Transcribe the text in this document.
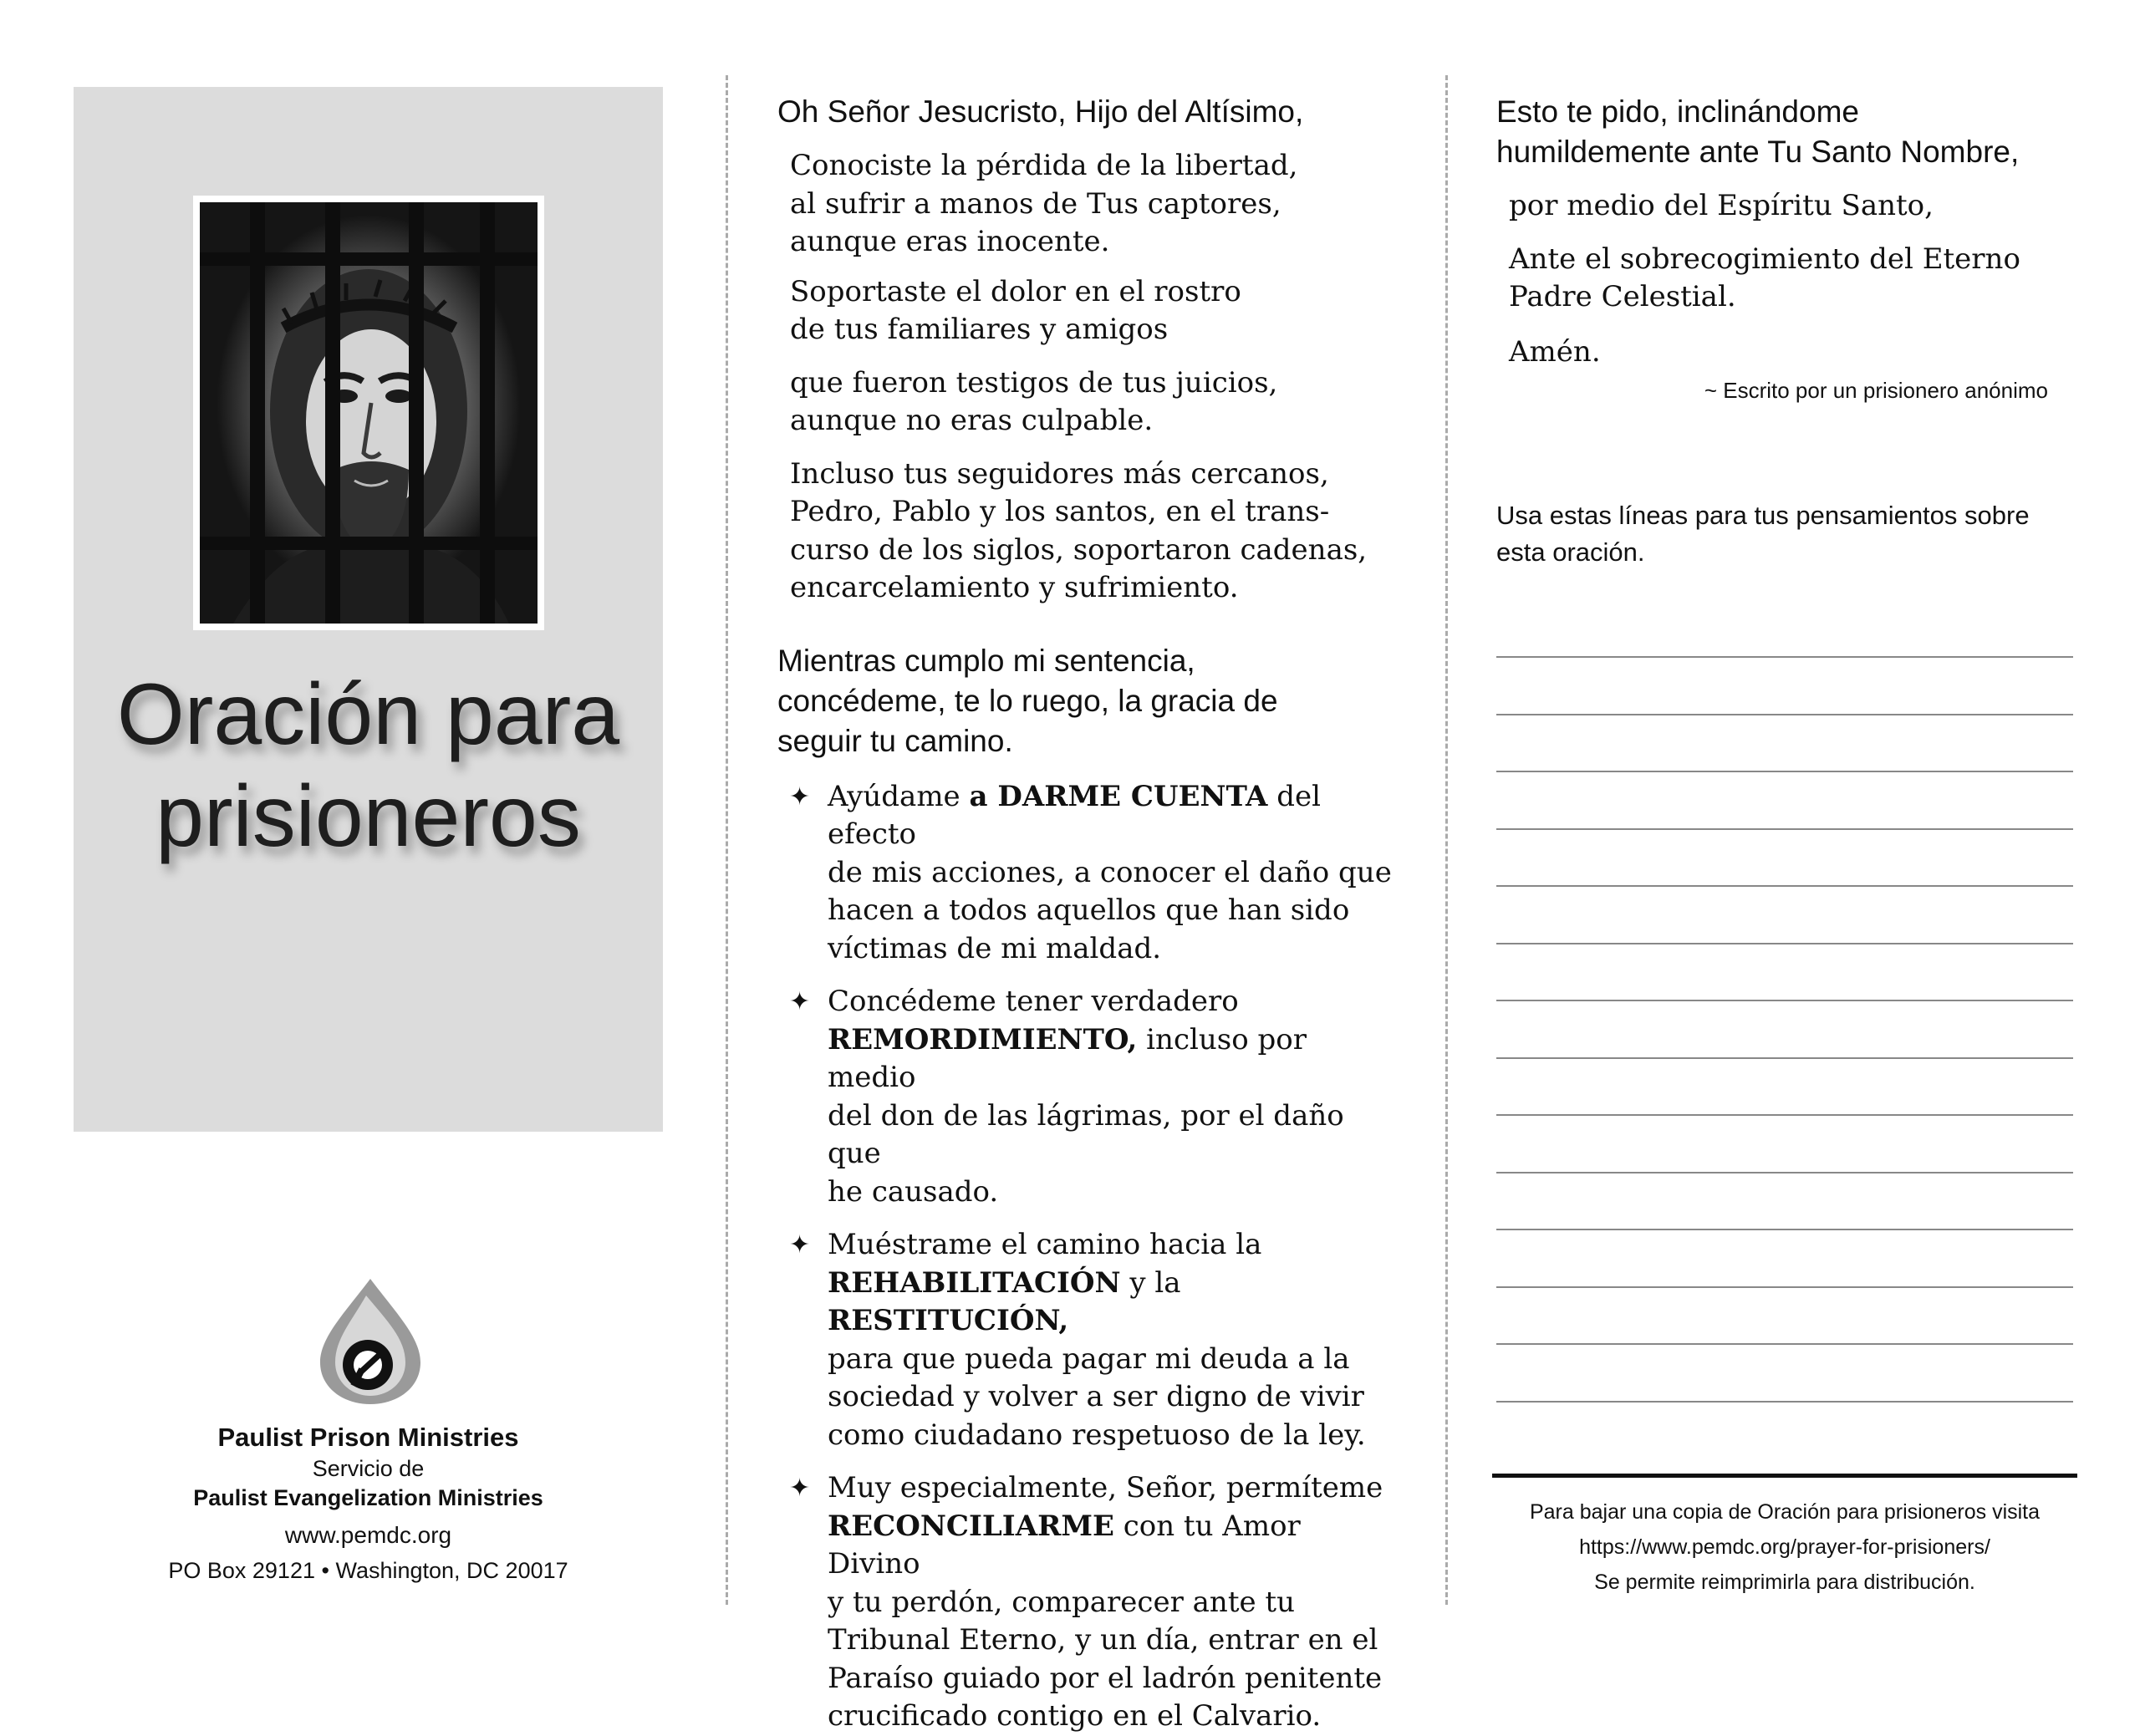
Oración para
prisioneros
Paulist Prison Ministries
Servicio de
Paulist Evangelization Ministries
www.pemdc.org
PO Box 29121 • Washington, DC 20017

Oh Señor Jesucristo, Hijo del Altísimo,

Conociste la pérdida de la libertad,
al sufrir a manos de Tus captores,
aunque eras inocente.

Soportaste el dolor en el rostro
de tus familiares y amigos

que fueron testigos de tus juicios,
aunque no eras culpable.

Incluso tus seguidores más cercanos,
Pedro, Pablo y los santos, en el trans-
curso de los siglos, soportaron cadenas,
encarcelamiento y sufrimiento.

Mientras cumplo mi sentencia,
concédeme, te lo ruego, la gracia de
seguir tu camino.

✦ Ayúdame a DARME CUENTA del efecto
de mis acciones, a conocer el daño que
hacen a todos aquellos que han sido
víctimas de mi maldad.

✦ Concédeme tener verdadero
REMORDIMIENTO, incluso por medio
del don de las lágrimas, por el daño que
he causado.

✦ Muéstrame el camino hacia la
REHABILITACIÓN y la RESTITUCIÓN,
para que pueda pagar mi deuda a la
sociedad y volver a ser digno de vivir
como ciudadano respetuoso de la ley.

✦ Muy especialmente, Señor, permíteme
RECONCILIARME con tu Amor Divino
y tu perdón, comparecer ante tu
Tribunal Eterno, y un día, entrar en el
Paraíso guiado por el ladrón penitente
crucificado contigo en el Calvario.

Esto te pido, inclinándome
humildemente ante Tu Santo Nombre,

por medio del Espíritu Santo,

Ante el sobrecogimiento del Eterno
Padre Celestial.

Amén.

~ Escrito por un prisionero anónimo

Usa estas líneas para tus pensamientos sobre
esta oración.

Para bajar una copia de Oración para prisioneros visita
https://www.pemdc.org/prayer-for-prisioners/
Se permite reimprimirla para distribución.
